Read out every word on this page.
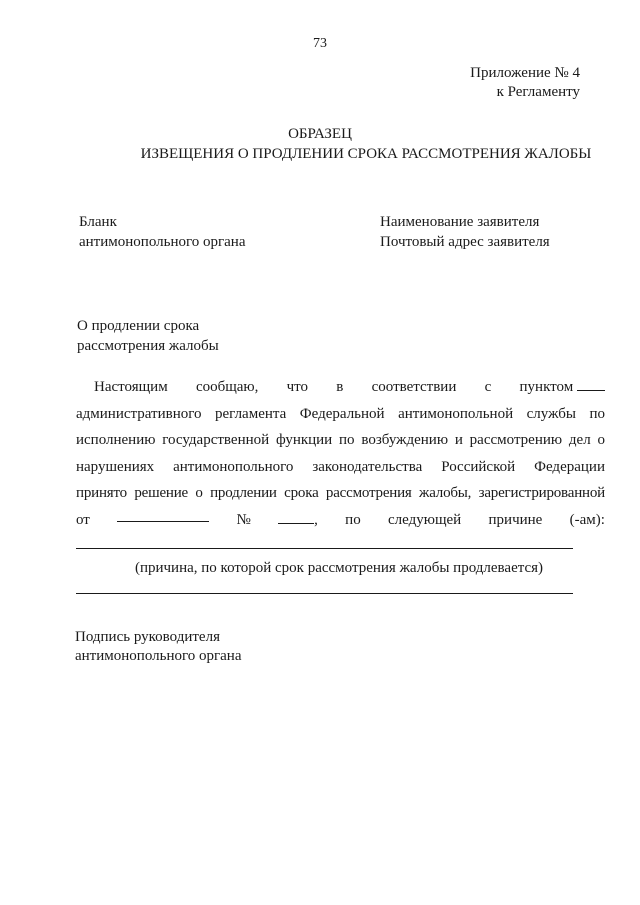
73
Приложение № 4
к Регламенту
ОБРАЗЕЦ
ИЗВЕЩЕНИЯ О ПРОДЛЕНИИ СРОКА РАССМОТРЕНИЯ ЖАЛОБЫ
Бланк
антимонопольного органа
Наименование заявителя
Почтовый адрес заявителя
О продлении срока
рассмотрения жалобы
Настоящим сообщаю, что в соответствии с пунктом
административного регламента Федеральной антимонопольной службы по
исполнению государственной функции по возбуждению и рассмотрению дел о
нарушениях антимонопольного законодательства Российской Федерации
принято решение о продлении срока рассмотрения жалобы, зарегистрированной
от	№	, по следующей причине (-ам):
(причина, по которой срок рассмотрения жалобы продлевается)
Подпись руководителя
антимонопольного органа
